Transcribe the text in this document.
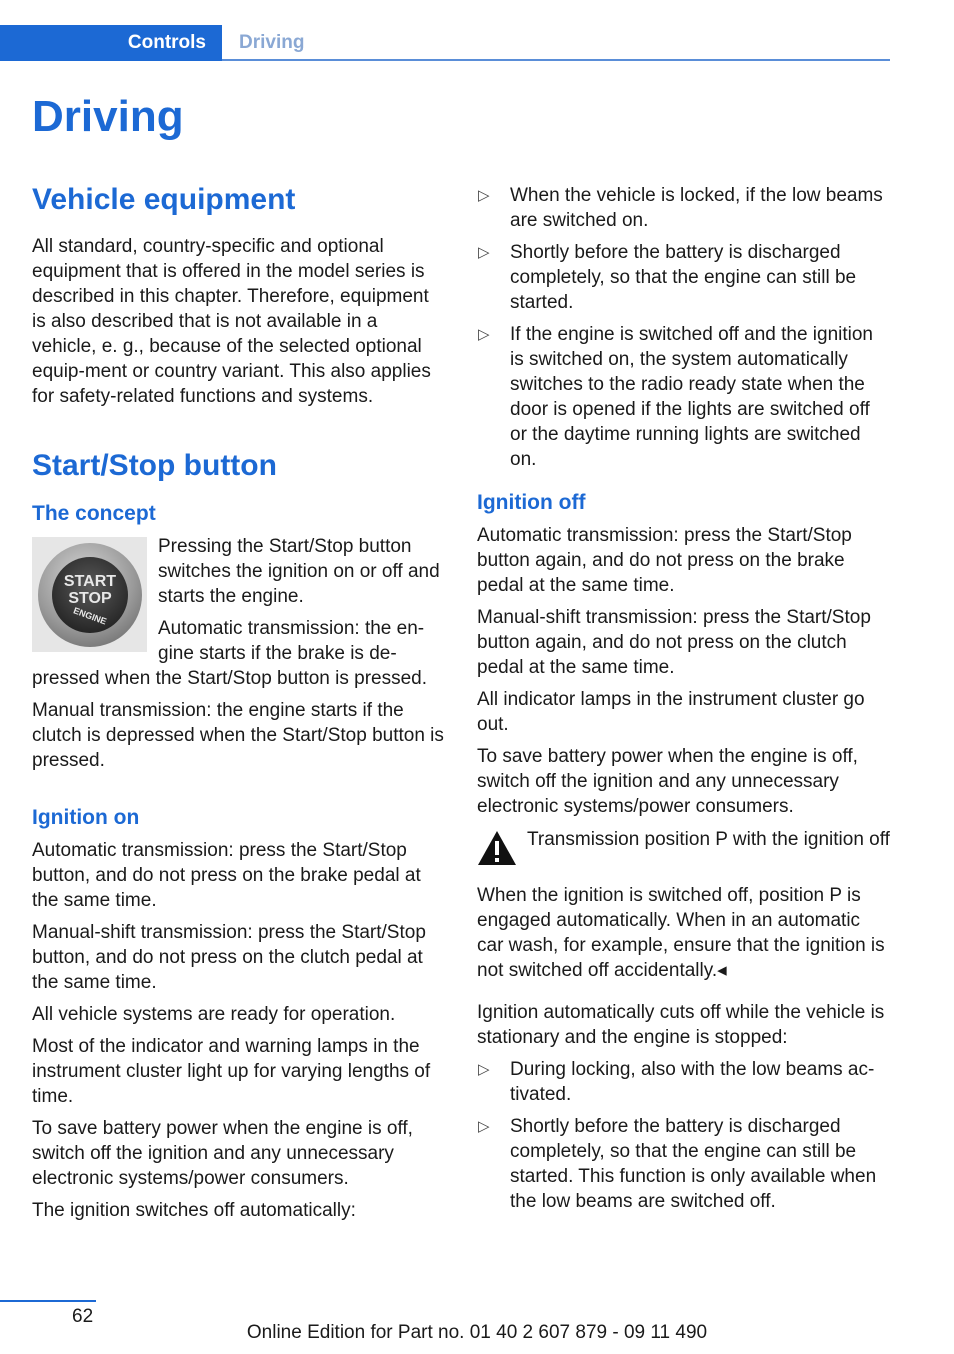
Controls	Driving
Driving
Vehicle equipment

All standard, country-specific and optional equipment that is offered in the model series is described in this chapter. Therefore, equipment is also described that is not available in a vehicle, e. g., because of the selected optional equip-ment or country variant. This also applies for safety-related functions and systems.

Start/Stop button
The concept
START
STOP
ENGINE

Pressing the Start/Stop button switches the ignition on or off and starts the engine.

Automatic transmission: the en-gine starts if the brake is de-pressed when the Start/Stop button is pressed.

Manual transmission: the engine starts if the clutch is depressed when the Start/Stop button is pressed.

Ignition on

Automatic transmission: press the Start/Stop button, and do not press on the brake pedal at the same time.

Manual-shift transmission: press the Start/Stop button, and do not press on the clutch pedal at the same time.

All vehicle systems are ready for operation.

Most of the indicator and warning lamps in the instrument cluster light up for varying lengths of time.

To save battery power when the engine is off, switch off the ignition and any unnecessary electronic systems/power consumers.

The ignition switches off automatically:

▷ When the vehicle is locked, if the low beams are switched on.
▷ Shortly before the battery is discharged completely, so that the engine can still be started.
▷ If the engine is switched off and the ignition is switched on, the system automatically switches to the radio ready state when the door is opened if the lights are switched off or the daytime running lights are switched on.
Ignition off

Automatic transmission: press the Start/Stop button again, and do not press on the brake pedal at the same time.

Manual-shift transmission: press the Start/Stop button again, and do not press on the clutch pedal at the same time.

All indicator lamps in the instrument cluster go out.

To save battery power when the engine is off, switch off the ignition and any unnecessary electronic systems/power consumers.

Transmission position P with the ignition off

When the ignition is switched off, position P is engaged automatically. When in an automatic car wash, for example, ensure that the ignition is not switched off accidentally.◂

Ignition automatically cuts off while the vehicle is stationary and the engine is stopped:

▷ During locking, also with the low beams ac-tivated.
▷ Shortly before the battery is discharged completely, so that the engine can still be started. This function is only available when the low beams are switched off.
62
Online Edition for Part no. 01 40 2 607 879 - 09 11 490
